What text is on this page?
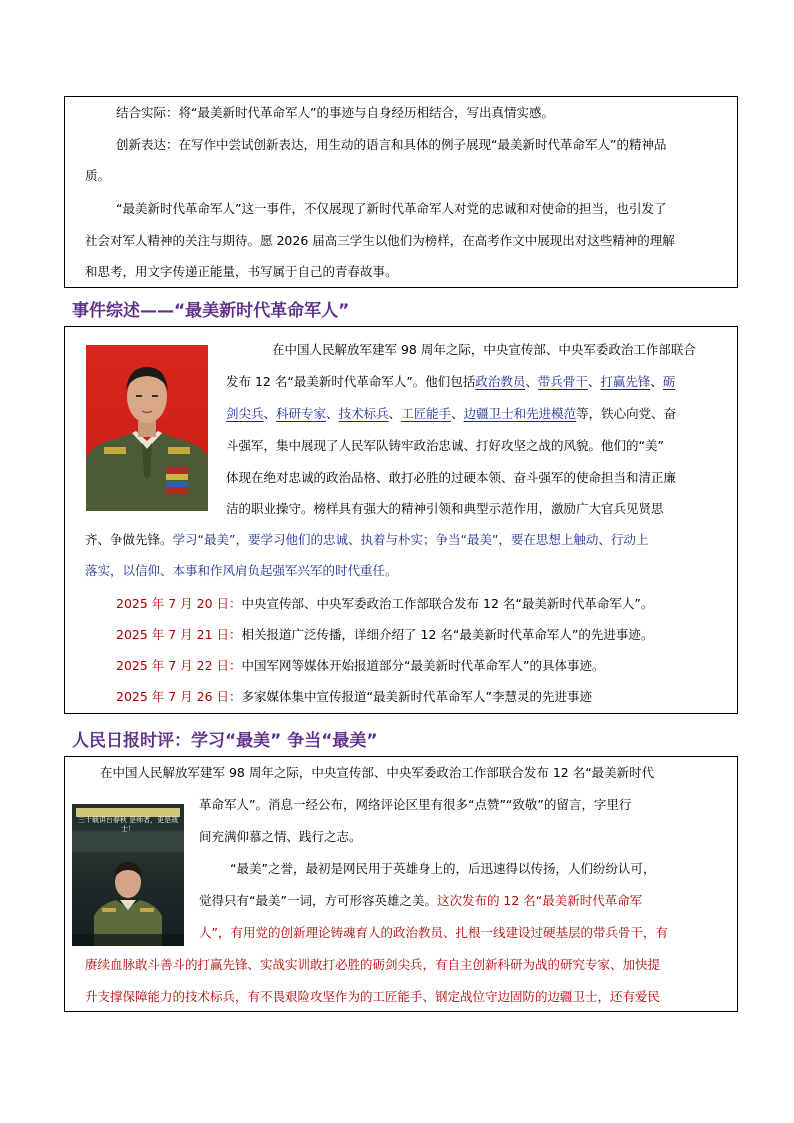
结合实际：将“最美新时代革命军人”的事迹与自身经历相结合，写出真情实感。
创新表达：在写作中尝试创新表达，用生动的语言和具体的例子展现“最美新时代革命军人”的精神品
质。
“最美新时代革命军人”这一事件，不仅展现了新时代革命军人对党的忠诚和对使命的担当，也引发了
社会对军人精神的关注与期待。愿 2026 届高三学生以他们为榜样，在高考作文中展现出对这些精神的理解
和思考，用文字传递正能量，书写属于自己的青春故事。
事件综述——“最美新时代革命军人”
在中国人民解放军建军 98 周年之际，中央宣传部、中央军委政治工作部联合
发布 12 名“最美新时代革命军人”。他们包括政治教员、带兵骨干、打赢先锋、砺
剑尖兵、科研专家、技术标兵、工匠能手、边疆卫士和先进模范等，铁心向党、奋
斗强军，集中展现了人民军队铸牢政治忠诚、打好攻坚之战的风貌。他们的“美”
体现在绝对忠诚的政治品格、敢打必胜的过硬本领、奋斗强军的使命担当和清正廉
洁的职业操守。榜样具有强大的精神引领和典型示范作用，激励广大官兵见贤思
齐、争做先锋。学习“最美”，要学习他们的忠诚、执着与朴实；争当“最美”，要在思想上触动、行动上
落实，以信仰、本事和作风肩负起强军兴军的时代重任。
2025 年 7 月 20 日：中央宣传部、中央军委政治工作部联合发布 12 名“最美新时代革命军人”。
2025 年 7 月 21 日：相关报道广泛传播，详细介绍了 12 名“最美新时代革命军人”的先进事迹。
2025 年 7 月 22 日：中国军网等媒体开始报道部分“最美新时代革命军人”的具体事迹。
2025 年 7 月 26 日：多家媒体集中宣传报道“最美新时代革命军人”李慧灵的先进事迹
人民日报时评：学习“最美” 争当“最美”
三十载讲台春秋 是师者，更是战士！
在中国人民解放军建军 98 周年之际，中央宣传部、中央军委政治工作部联合发布 12 名“最美新时代
革命军人”。消息一经公布，网络评论区里有很多“点赞”“致敬”的留言，字里行
间充满仰慕之情、践行之志。
“最美”之誉，最初是网民用于英雄身上的，后迅速得以传扬，人们纷纷认可，
觉得只有“最美”一词，方可形容英雄之美。这次发布的 12 名“最美新时代革命军
人”，有用党的创新理论铸魂育人的政治教员、扎根一线建设过硬基层的带兵骨干，有
赓续血脉敢斗善斗的打赢先锋、实战实训敢打必胜的砺剑尖兵，有自主创新科研为战的研究专家、加快提
升支撑保障能力的技术标兵，有不畏艰险攻坚作为的工匠能手、钢定战位守边固防的边疆卫士，还有爱民
